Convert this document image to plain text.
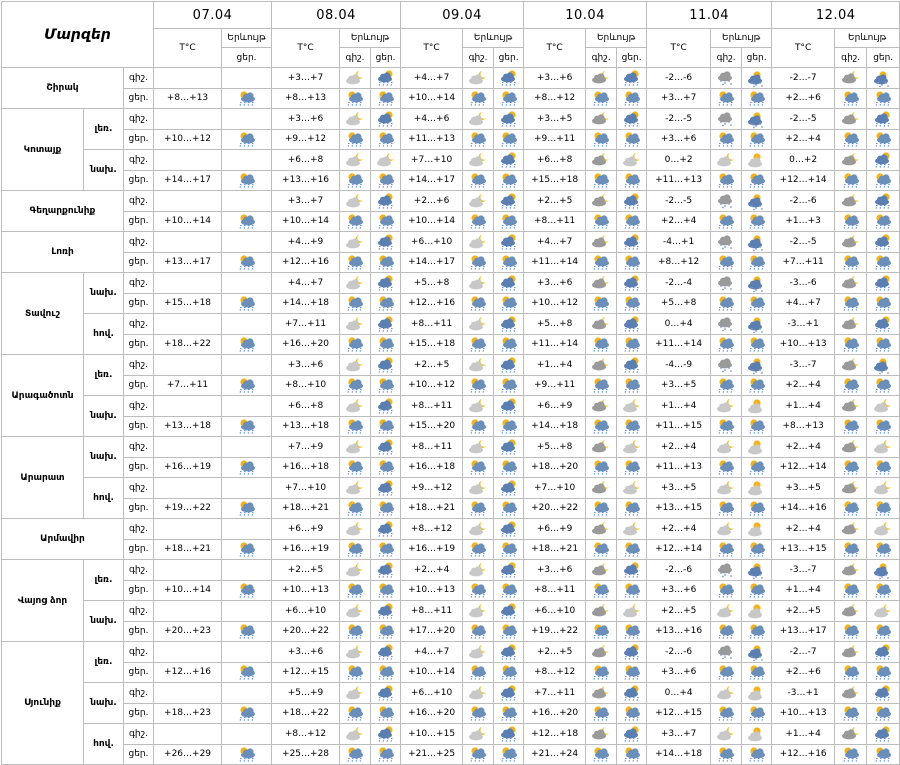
Մարզեր			07.04		08.04			09.04			10.04			11.04			12.04		
			T°C	Երևույթ	T°C	Երևույթ		T°C	Երևույթ		T°C	Երևույթ		T°C	Երևույթ		T°C	Երևույթ	
				ցեր.		գիշ.	ցեր.		գիշ.	ցեր.		գիշ.	ցեր.		գիշ.	ցեր.		գիշ.	ցեր.
Շիրակ		գիշ.			+3…+7			+4…+7			+3…+6			-2…-6			-2…-7		
		ցեր.	+8…+13		+8…+13			+10…+14			+8…+12			+3…+7			+2…+6		
Կոտայք	լեռ.	գիշ.			+3…+6			+4…+6			+3…+5			-2…-5			-2…-5		
		ցեր.	+10…+12		+9…+12			+11…+13			+9…+11			+3…+6			+2…+4		
	նախ.	գիշ.			+6…+8			+7…+10			+6…+8			0…+2			0…+2		
		ցեր.	+14…+17		+13…+16			+14…+17			+15…+18			+11…+13			+12…+14		
Գեղարքունիք		գիշ.			+3…+7			+2…+6			+2…+5			-2…-5			-2…-6		
		ցեր.	+10…+14		+10…+14			+10…+14			+8…+11			+2…+4			+1…+3		
Լոռի		գիշ.			+4…+9			+6…+10			+4…+7			-4…+1			-2…-5		
		ցեր.	+13…+17		+12…+16			+14…+17			+11…+14			+8…+12			+7…+11		
Տավուշ	նախ.	գիշ.			+4…+7			+5…+8			+3…+6			-2…-4			-3…-6		
		ցեր.	+15…+18		+14…+18			+12…+16			+10…+12			+5…+8			+4…+7		
	հով.	գիշ.			+7…+11			+8…+11			+5…+8			0…+4			-3…+1		
		ցեր.	+18…+22		+16…+20			+15…+18			+11…+14			+11…+14			+10…+13		
Արագածոտն	լեռ.	գիշ.			+3…+6			+2…+5			+1…+4			-4…-9			-3…-7		
		ցեր.	+7…+11		+8…+10			+10…+12			+9…+11			+3…+5			+2…+4		
	նախ.	գիշ.			+6…+8			+8…+11			+6…+9			+1…+4			+1…+4		
		ցեր.	+13…+18		+13…+18			+15…+20			+14…+18			+11…+15			+8…+13		
Արարատ	նախ.	գիշ.			+7…+9			+8…+11			+5…+8			+2…+4			+2…+4		
		ցեր.	+16…+19		+16…+18			+16…+18			+18…+20			+11…+13			+12…+14		
	հով.	գիշ.			+7…+10			+9…+12			+7…+10			+3…+5			+3…+5		
		ցեր.	+19…+22		+18…+21			+18…+21			+20…+22			+13…+15			+14…+16		
Արմավիր		գիշ.			+6…+9			+8…+12			+6…+9			+2…+4			+2…+4		
		ցեր.	+18…+21		+16…+19			+16…+19			+18…+21			+12…+14			+13…+15		
Վայոց ձոր	լեռ.	գիշ.			+2…+5			+2…+4			+3…+6			-2…-6			-3…-7		
		ցեր.	+10…+14		+10…+13			+10…+13			+8…+11			+3…+6			+1…+4		
	նախ.	գիշ.			+6…+10			+8…+11			+6…+10			+2…+5			+2…+5		
		ցեր.	+20…+23		+20…+22			+17…+20			+19…+22			+13…+16			+13…+17		
Սյունիք	լեռ.	գիշ.			+3…+6			+4…+7			+2…+5			-2…-6			-2…-7		
		ցեր.	+12…+16		+12…+15			+10…+14			+8…+12			+3…+6			+2…+6		
	նախ.	գիշ.			+5…+9			+6…+10			+7…+11			0…+4			-3…+1		
		ցեր.	+18…+23		+18…+22			+16…+20			+16…+20			+12…+15			+10…+13		
	հով.	գիշ.			+8…+12			+10…+15			+12…+18			+3…+7			+1…+4		
		ցեր.	+26…+29		+25…+28			+21…+25			+21…+24			+14…+18			+12…+16		
